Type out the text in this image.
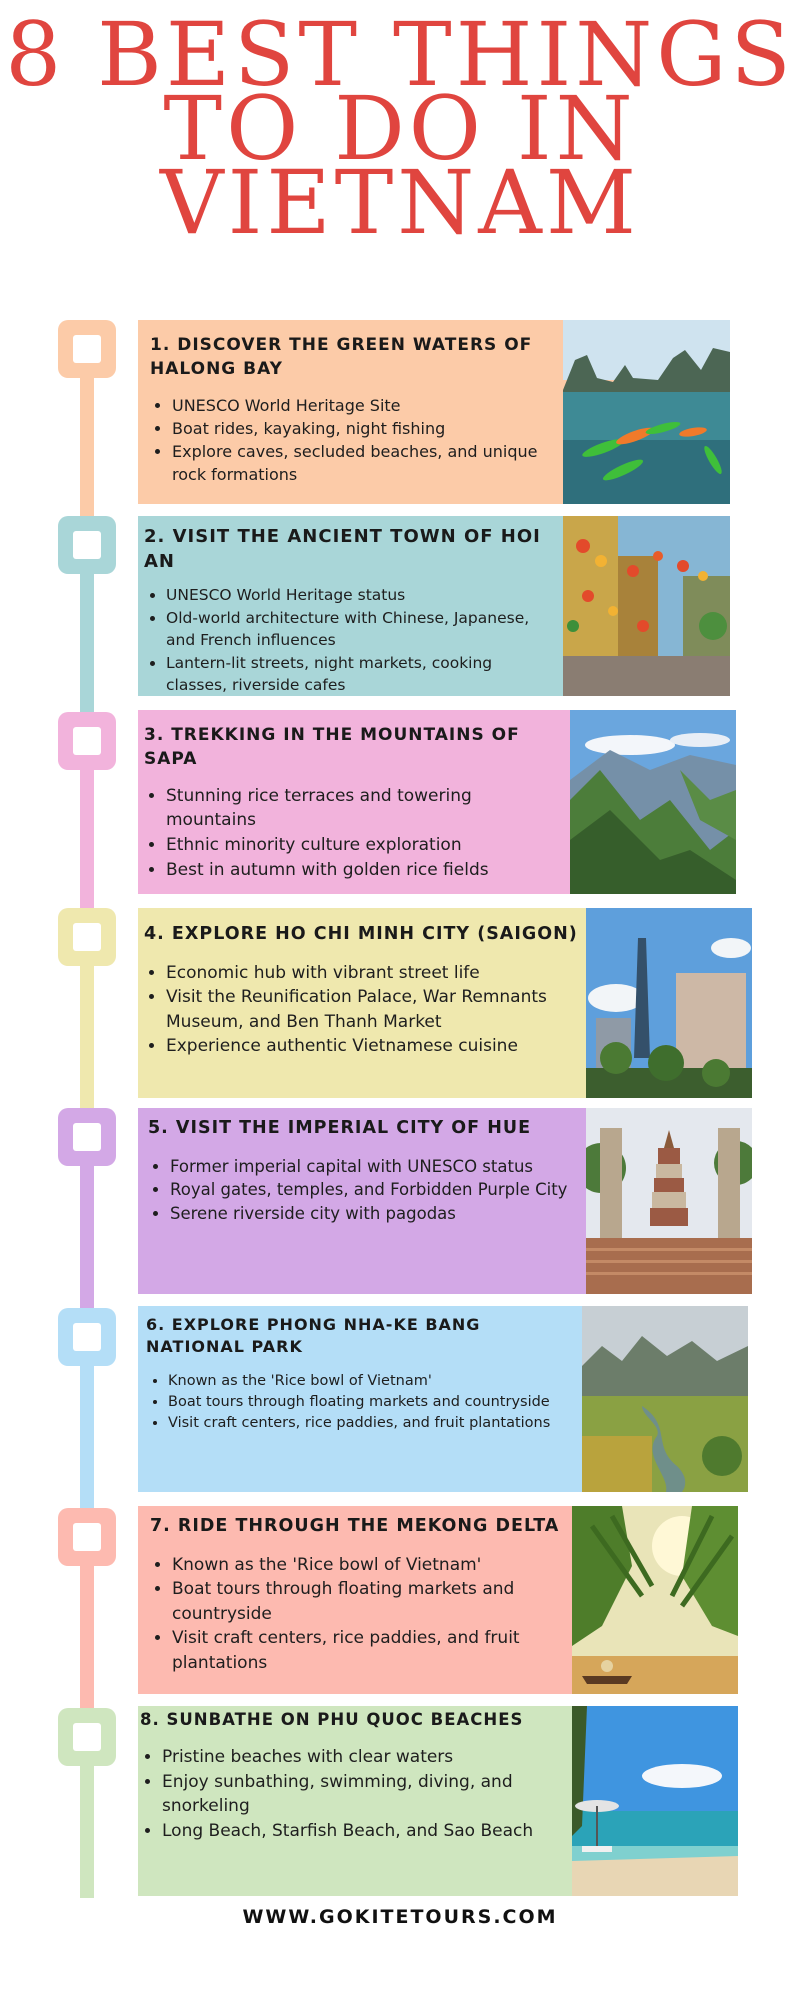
8 BEST THINGS
TO DO IN
VIETNAM
1. DISCOVER THE GREEN WATERS OF HALONG BAY
• UNESCO World Heritage Site
• Boat rides, kayaking, night fishing
• Explore caves, secluded beaches, and unique rock formations
2. VISIT THE ANCIENT TOWN OF HOI AN
• UNESCO World Heritage status
• Old-world architecture with Chinese, Japanese, and French influences
• Lantern-lit streets, night markets, cooking classes, riverside cafes
3. TREKKING IN THE MOUNTAINS OF SAPA
• Stunning rice terraces and towering mountains
• Ethnic minority culture exploration
• Best in autumn with golden rice fields
4. EXPLORE HO CHI MINH CITY (SAIGON)
• Economic hub with vibrant street life
• Visit the Reunification Palace, War Remnants Museum, and Ben Thanh Market
• Experience authentic Vietnamese cuisine
5. VISIT THE IMPERIAL CITY OF HUE
• Former imperial capital with UNESCO status
• Royal gates, temples, and Forbidden Purple City
• Serene riverside city with pagodas
6. EXPLORE PHONG NHA-KE BANG NATIONAL PARK
• Known as the 'Rice bowl of Vietnam'
• Boat tours through floating markets and countryside
• Visit craft centers, rice paddies, and fruit plantations
7. RIDE THROUGH THE MEKONG DELTA
• Known as the 'Rice bowl of Vietnam'
• Boat tours through floating markets and countryside
• Visit craft centers, rice paddies, and fruit plantations
8. SUNBATHE ON PHU QUOC BEACHES
• Pristine beaches with clear waters
• Enjoy sunbathing, swimming, diving, and snorkeling
• Long Beach, Starfish Beach, and Sao Beach
WWW.GOKITETOURS.COM
